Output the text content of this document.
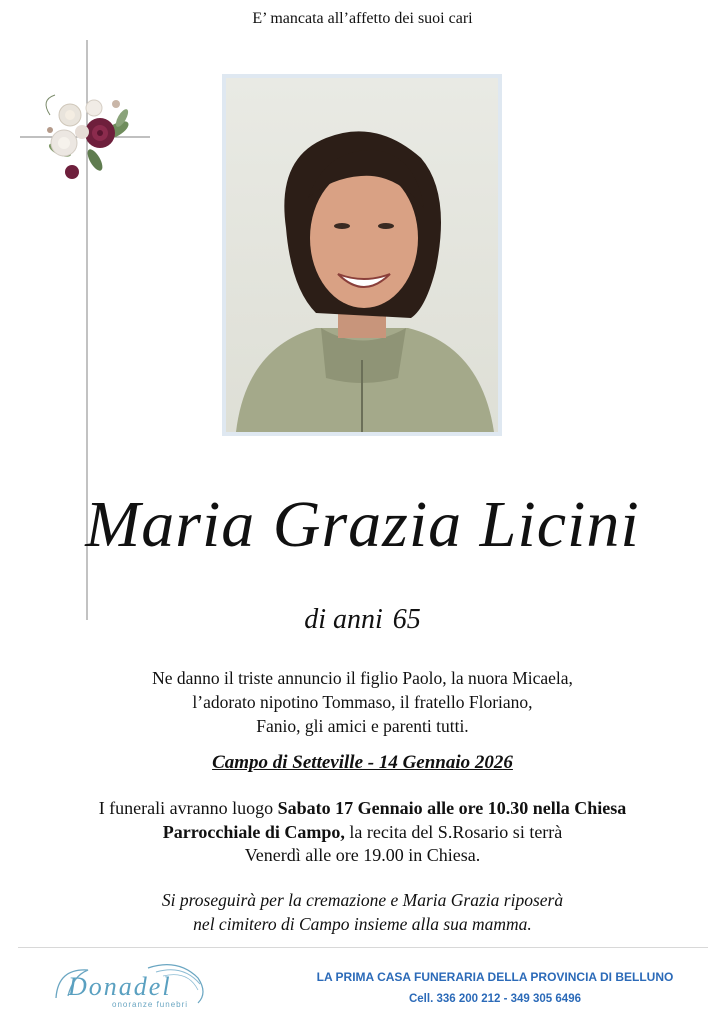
E’ mancata all’affetto dei suoi cari
Maria Grazia Licini
di anni 65
Ne danno il triste annuncio il figlio Paolo, la nuora Micaela,
l’adorato nipotino Tommaso, il fratello Floriano,
Fanio, gli amici e parenti tutti.
Campo di Setteville - 14 Gennaio 2026
I funerali avranno luogo Sabato 17 Gennaio alle ore 10.30 nella Chiesa
Parrocchiale di Campo, la recita del S.Rosario si terrà
Venerdì alle ore 19.00 in Chiesa.
Si proseguirà per la cremazione e Maria Grazia riposerà
nel cimitero di Campo insieme alla sua mamma.
Donadel
onoranze funebri
LA PRIMA CASA FUNERARIA DELLA PROVINCIA DI BELLUNO
Cell. 336 200 212 - 349 305 6496
